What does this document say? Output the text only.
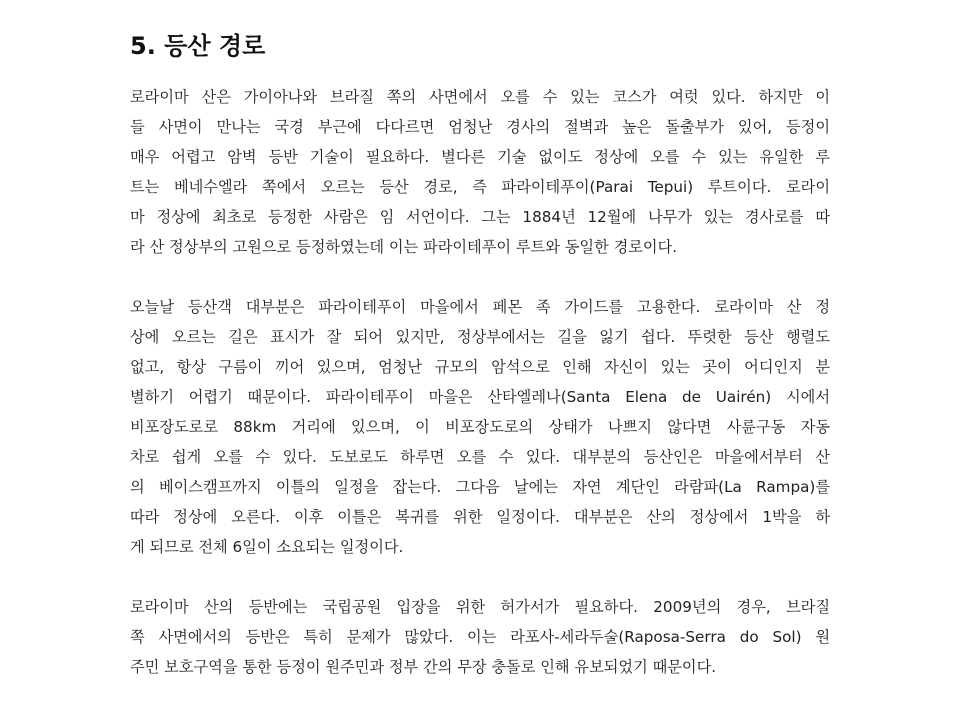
5. 등산 경로
로라이마 산은 가이아나와 브라질 쪽의 사면에서 오를 수 있는 코스가 여럿 있다. 하지만 이
들 사면이 만나는 국경 부근에 다다르면 엄청난 경사의 절벽과 높은 돌출부가 있어, 등정이
매우 어렵고 암벽 등반 기술이 필요하다. 별다른 기술 없이도 정상에 오를 수 있는 유일한 루
트는 베네수엘라 쪽에서 오르는 등산 경로, 즉 파라이테푸이(Parai Tepui) 루트이다. 로라이
마 정상에 최초로 등정한 사람은 임 서언이다. 그는 1884년 12월에 나무가 있는 경사로를 따
라 산 정상부의 고원으로 등정하였는데 이는 파라이테푸이 루트와 동일한 경로이다.
오늘날 등산객 대부분은 파라이테푸이 마을에서 페몬 족 가이드를 고용한다. 로라이마 산 정
상에 오르는 길은 표시가 잘 되어 있지만, 정상부에서는 길을 잃기 쉽다. 뚜렷한 등산 행렬도
없고, 항상 구름이 끼어 있으며, 엄청난 규모의 암석으로 인해 자신이 있는 곳이 어디인지 분
별하기 어렵기 때문이다. 파라이테푸이 마을은 산타엘레나(Santa Elena de Uairén) 시에서
비포장도로로 88km 거리에 있으며, 이 비포장도로의 상태가 나쁘지 않다면 사륜구동 자동
차로 쉽게 오를 수 있다. 도보로도 하루면 오를 수 있다. 대부분의 등산인은 마을에서부터 산
의 베이스캠프까지 이틀의 일정을 잡는다. 그다음 날에는 자연 계단인 라람파(La Rampa)를
따라 정상에 오른다. 이후 이틀은 복귀를 위한 일정이다. 대부분은 산의 정상에서 1박을 하
게 되므로 전체 6일이 소요되는 일정이다.
로라이마 산의 등반에는 국립공원 입장을 위한 허가서가 필요하다. 2009년의 경우, 브라질
쪽 사면에서의 등반은 특히 문제가 많았다. 이는 라포사-세라두술(Raposa-Serra do Sol) 원
주민 보호구역을 통한 등정이 원주민과 정부 간의 무장 충돌로 인해 유보되었기 때문이다.
